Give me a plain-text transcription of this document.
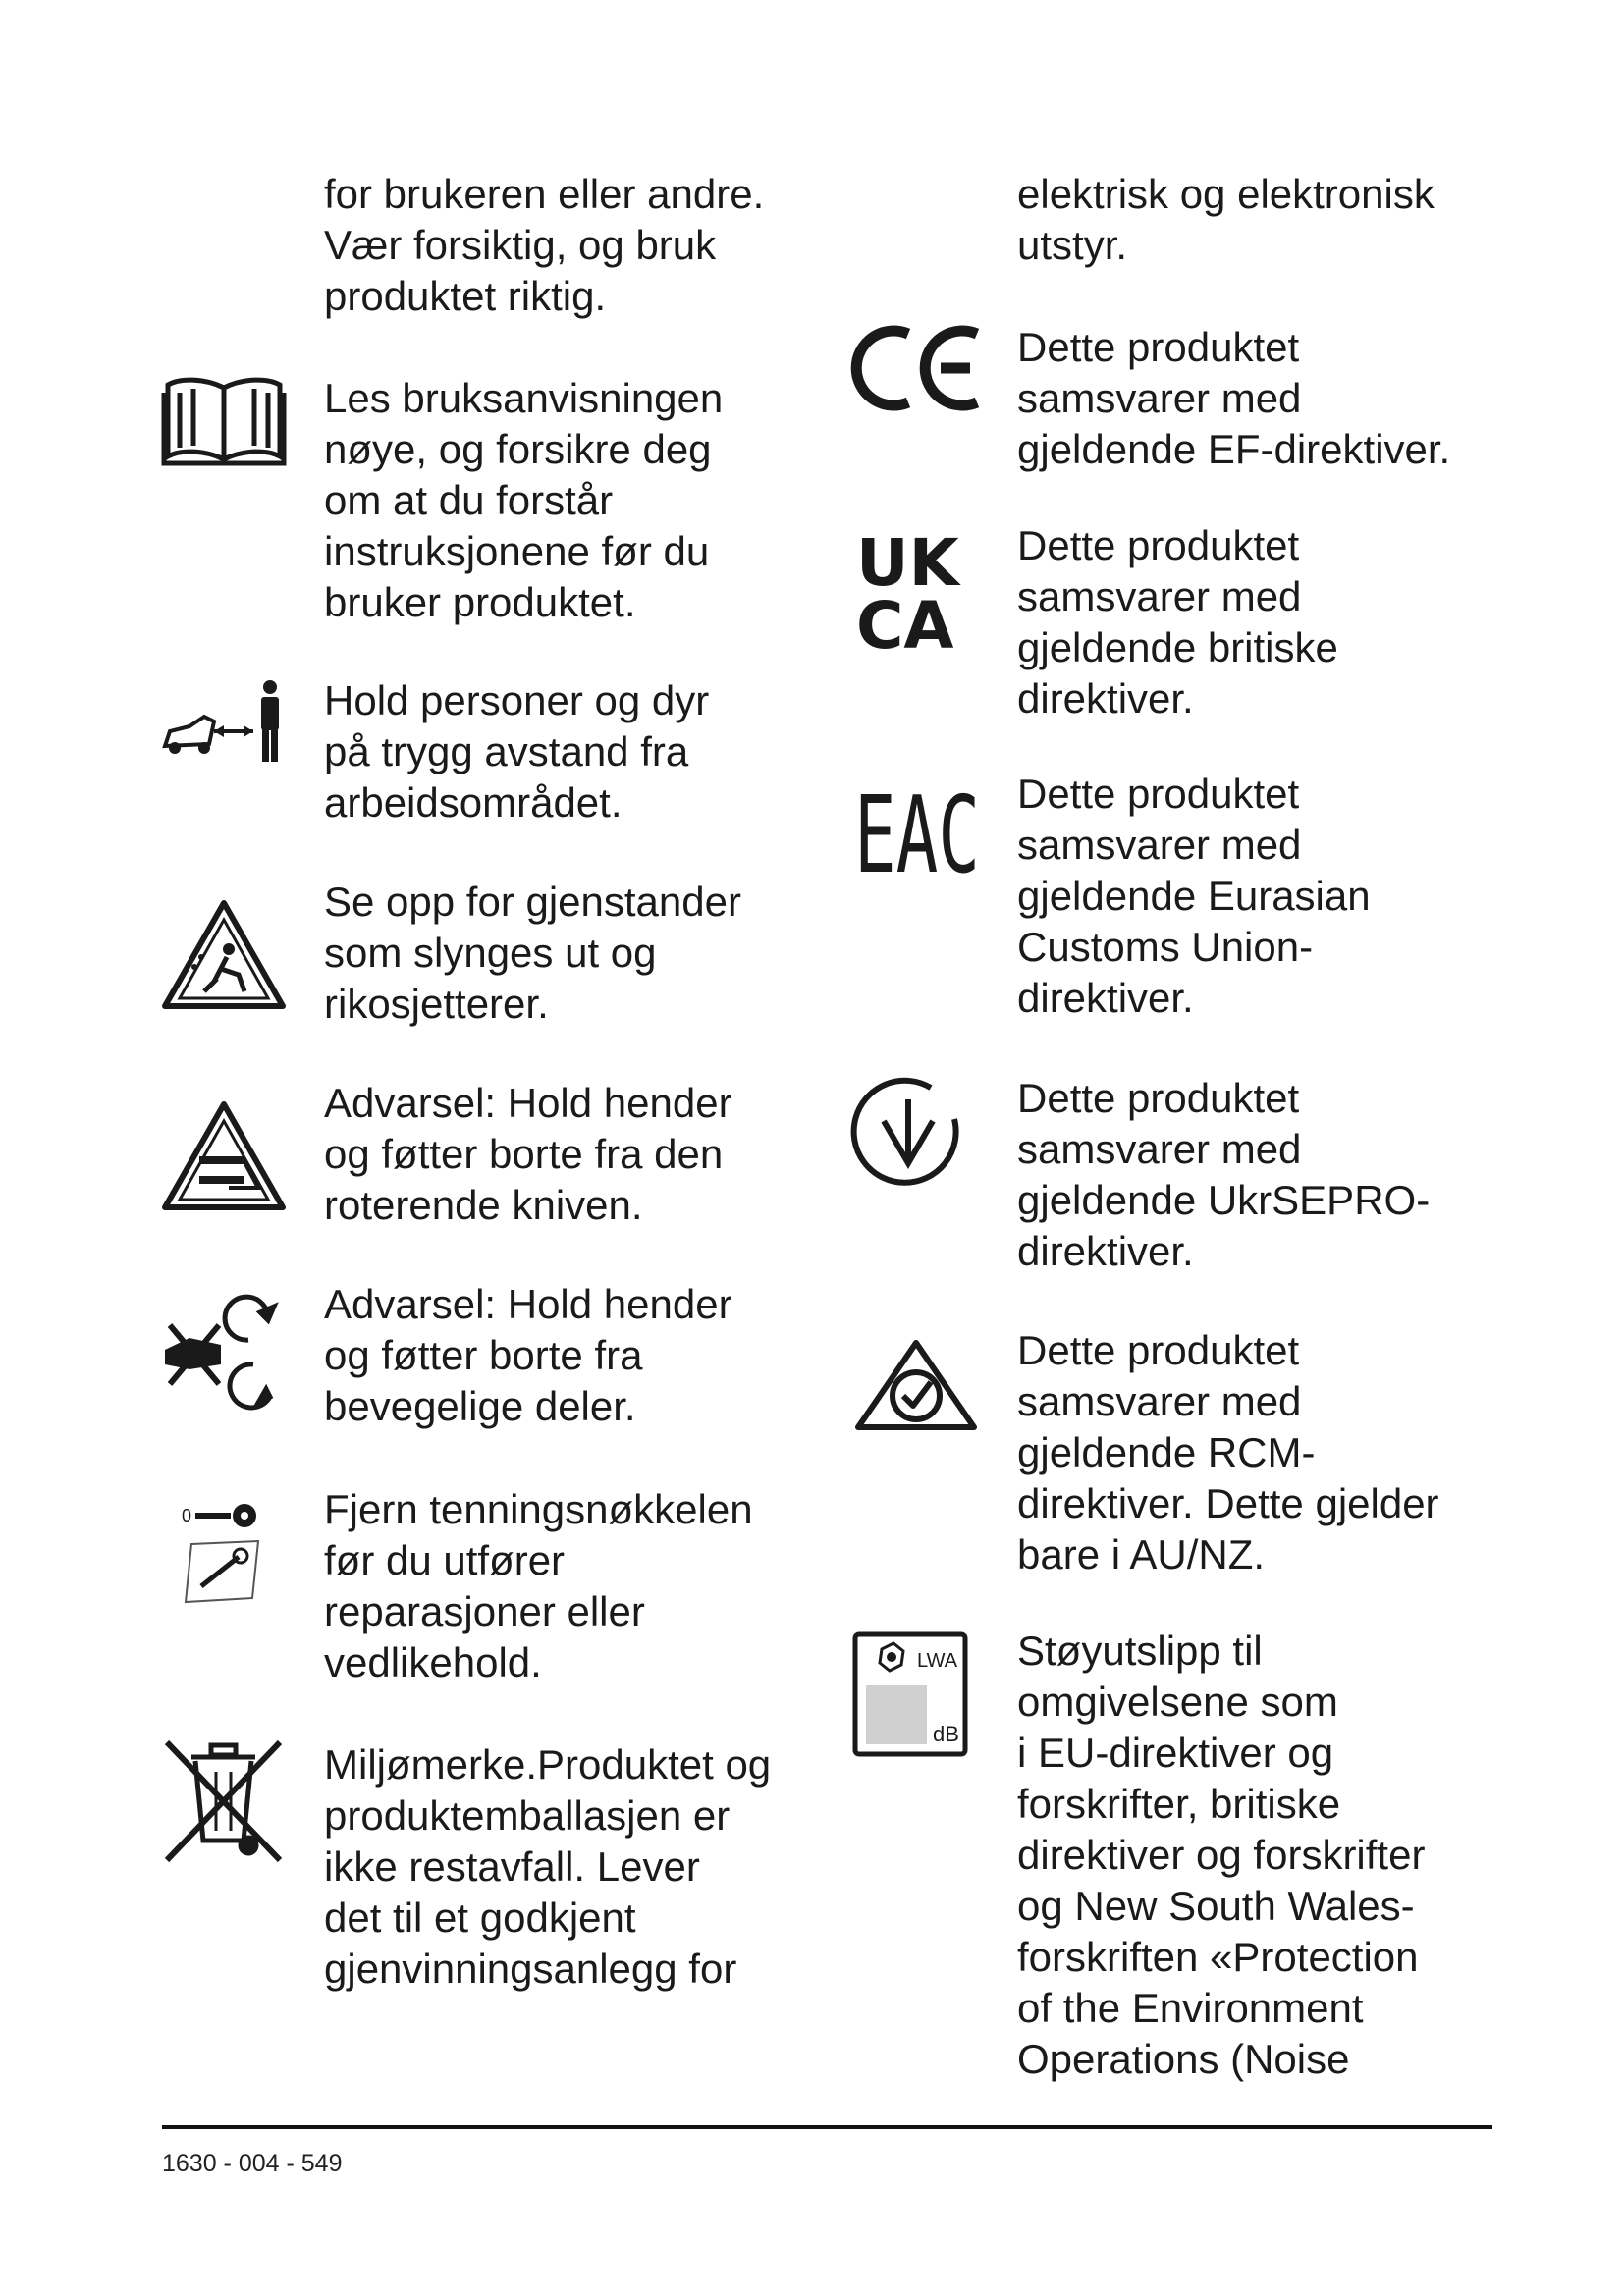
for brukeren eller andre.
Vær forsiktig, og bruk
produktet riktig.
Les bruksanvisningen
nøye, og forsikre deg
om at du forstår
instruksjonene før du
bruker produktet.
Hold personer og dyr
på trygg avstand fra
arbeidsområdet.
Se opp for gjenstander
som slynges ut og
rikosjetterer.
Advarsel: Hold hender
og føtter borte fra den
roterende kniven.
Advarsel: Hold hender
og føtter borte fra
bevegelige deler.
0	Fjern tenningsnøkkelen
før du utfører
reparasjoner eller
vedlikehold.
Miljømerke.Produktet og
produktemballasjen er
ikke restavfall. Lever
det til et godkjent
gjenvinningsanlegg for
elektrisk og elektronisk
utstyr.
Dette produktet
samsvarer med
gjeldende EF-direktiver.
UK
CA
Dette produktet
samsvarer med
gjeldende britiske
direktiver.
EAC Dette produktet
samsvarer med
gjeldende Eurasian
Customs Union-
direktiver.
Dette produktet
samsvarer med
gjeldende UkrSEPRO-
direktiver.
Dette produktet
samsvarer med
gjeldende RCM-
direktiver. Dette gjelder
bare i AU/NZ.
LWA
dB
Støyutslipp til
omgivelsene som
i EU-direktiver og
forskrifter, britiske
direktiver og forskrifter
og New South Wales-
forskriften «Protection
of the Environment
Operations (Noise
1630 - 004 - 549
